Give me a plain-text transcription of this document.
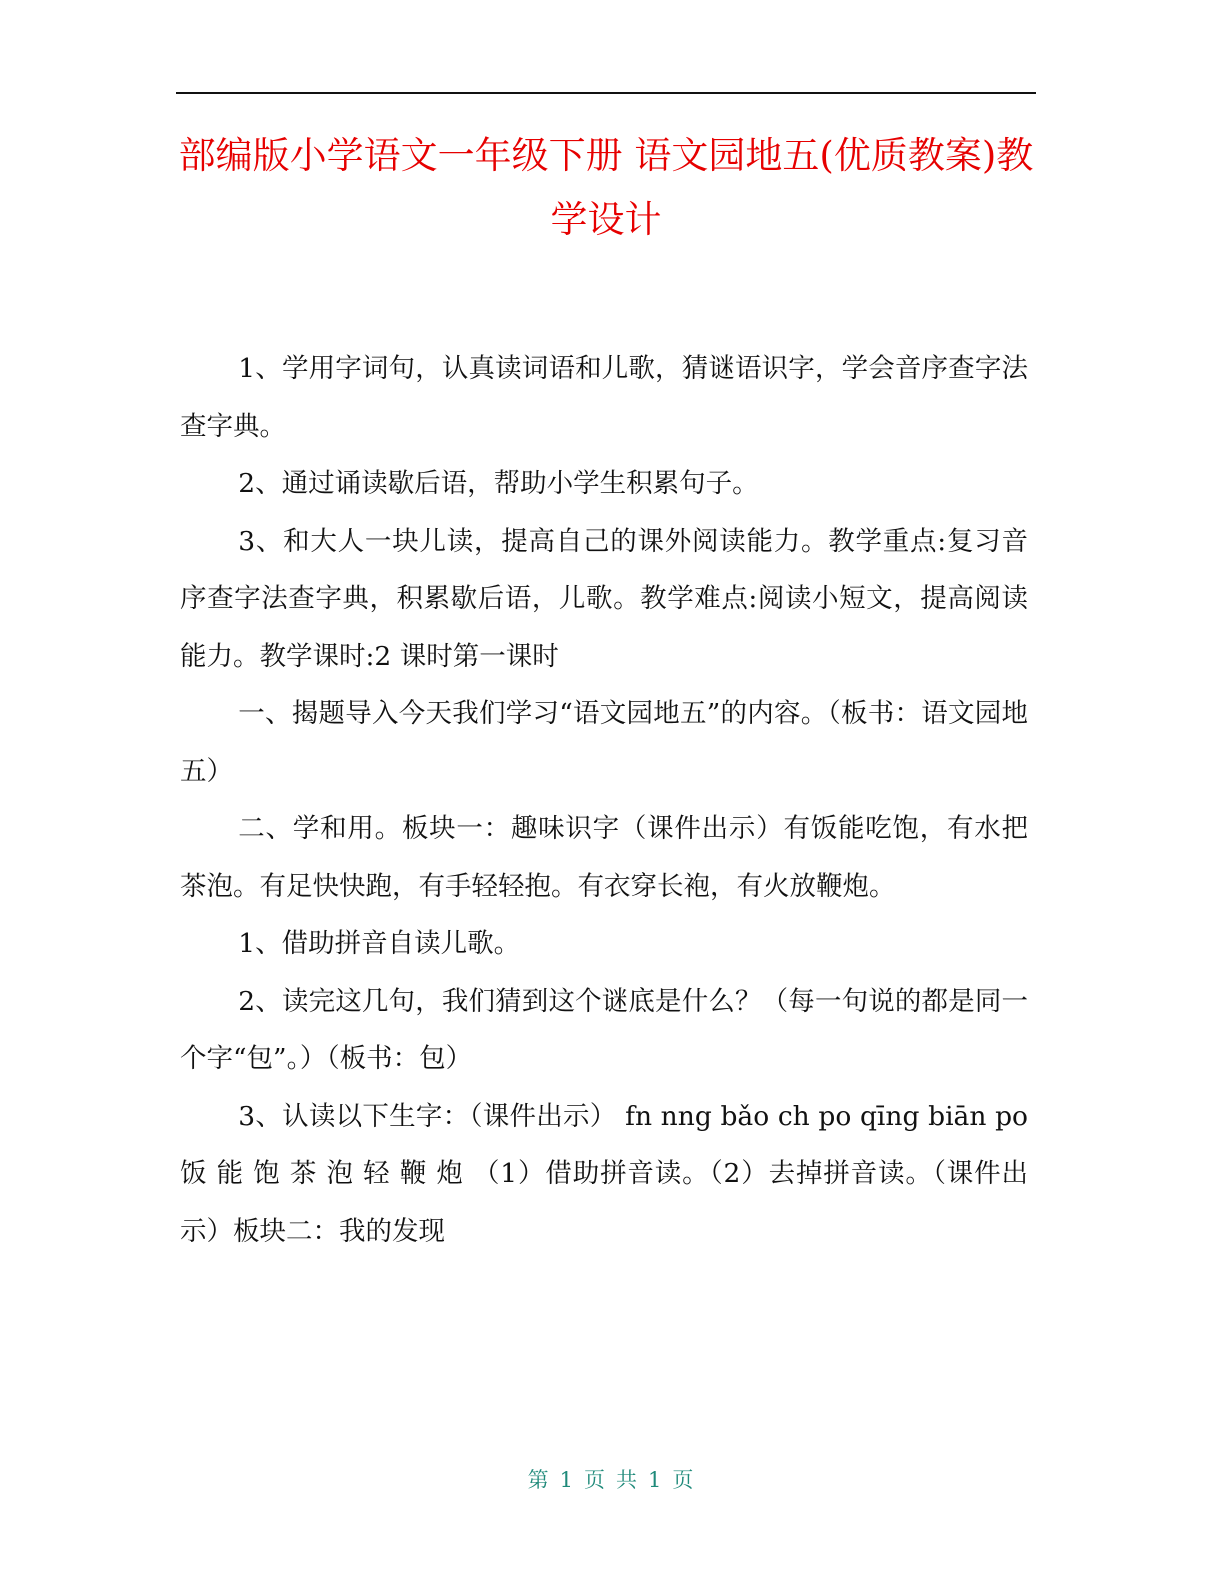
部编版小学语文一年级下册 语文园地五(优质教案)教学设计

1、学用字词句，认真读词语和儿歌，猜谜语识字，学会音序查字法查字典。

2、通过诵读歇后语，帮助小学生积累句子。

3、和大人一块儿读，提高自己的课外阅读能力。教学重点:复习音序查字法查字典，积累歇后语，儿歌。教学难点:阅读小短文，提高阅读能力。教学课时:2 课时第一课时

一、揭题导入今天我们学习“语文园地五”的内容。（板书：语文园地五）

二、学和用。板块一：趣味识字（课件出示）有饭能吃饱，有水把茶泡。有足快快跑，有手轻轻抱。有衣穿长袍，有火放鞭炮。

1、借助拼音自读儿歌。

2、读完这几句，我们猜到这个谜底是什么？（每一句说的都是同一个字“包”。）（板书：包）

3、认读以下生字：（课件出示） fn nng bǎo ch po qīng biān po 饭 能 饱 茶 泡 轻 鞭 炮 （1）借助拼音读。（2）去掉拼音读。（课件出示）板块二：我的发现

第 1 页 共 1 页
